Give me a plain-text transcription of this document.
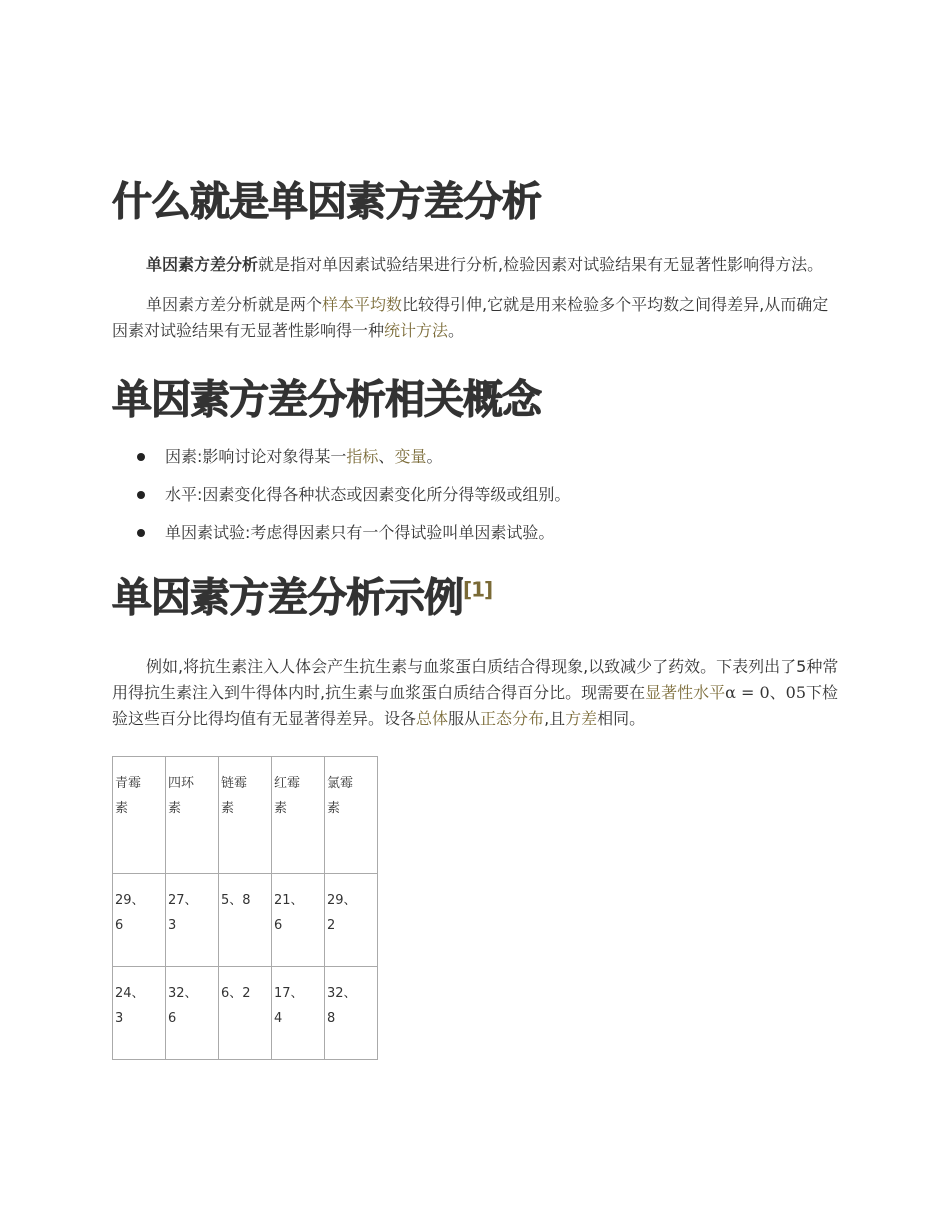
什么就是单因素方差分析

单因素方差分析就是指对单因素试验结果进行分析,检验因素对试验结果有无显著性影响得方法。

单因素方差分析就是两个样本平均数比较得引伸,它就是用来检验多个平均数之间得差异,从而确定因素对试验结果有无显著性影响得一种统计方法。

单因素方差分析相关概念
因素:影响讨论对象得某一指标、变量。
水平:因素变化得各种状态或因素变化所分得等级或组别。
单因素试验:考虑得因素只有一个得试验叫单因素试验。
单因素方差分析示例[1]

例如,将抗生素注入人体会产生抗生素与血浆蛋白质结合得现象,以致减少了药效。下表列出了5种常用得抗生素注入到牛得体内时,抗生素与血浆蛋白质结合得百分比。现需要在显著性水平α = 0、05下检验这些百分比得均值有无显著得差异。设各总体服从正态分布,且方差相同。

青霉素	四环素	链霉素	红霉素	氯霉素

29、6	27、3	5、8	21、6	29、2

24、3	32、6	6、2	17、4	32、8
